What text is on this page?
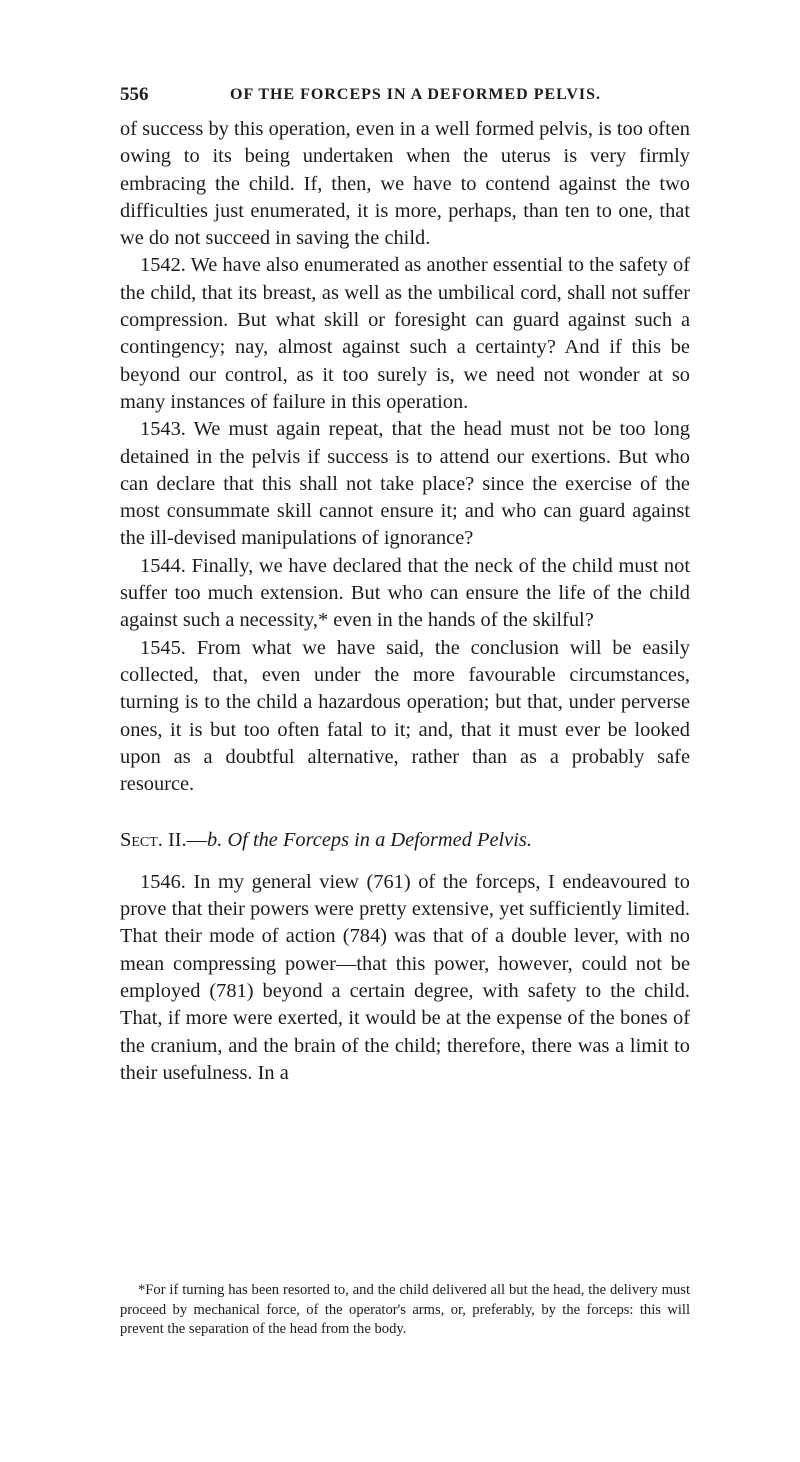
556	OF THE FORCEPS IN A DEFORMED PELVIS.

of success by this operation, even in a well formed pelvis, is too often owing to its being undertaken when the uterus is very firmly embracing the child. If, then, we have to contend against the two difficulties just enumerated, it is more, perhaps, than ten to one, that we do not succeed in saving the child.

1542. We have also enumerated as another essential to the safety of the child, that its breast, as well as the umbilical cord, shall not suffer compression. But what skill or foresight can guard against such a contingency; nay, almost against such a certainty? And if this be beyond our control, as it too surely is, we need not wonder at so many instances of failure in this operation.

1543. We must again repeat, that the head must not be too long detained in the pelvis if success is to attend our exertions. But who can declare that this shall not take place? since the exercise of the most consummate skill cannot ensure it; and who can guard against the ill-devised manipulations of ignorance?

1544. Finally, we have declared that the neck of the child must not suffer too much extension. But who can ensure the life of the child against such a necessity,* even in the hands of the skilful?

1545. From what we have said, the conclusion will be easily collected, that, even under the more favourable circumstances, turning is to the child a hazardous operation; but that, under perverse ones, it is but too often fatal to it; and, that it must ever be looked upon as a doubtful alternative, rather than as a probably safe resource.

Sect. II.—b. Of the Forceps in a Deformed Pelvis.

1546. In my general view (761) of the forceps, I endeavoured to prove that their powers were pretty extensive, yet sufficiently limited. That their mode of action (784) was that of a double lever, with no mean compressing power—that this power, however, could not be employed (781) beyond a certain degree, with safety to the child. That, if more were exerted, it would be at the expense of the bones of the cranium, and the brain of the child; therefore, there was a limit to their usefulness. In a

*For if turning has been resorted to, and the child delivered all but the head, the delivery must proceed by mechanical force, of the operator's arms, or, preferably, by the forceps: this will prevent the separation of the head from the body.
